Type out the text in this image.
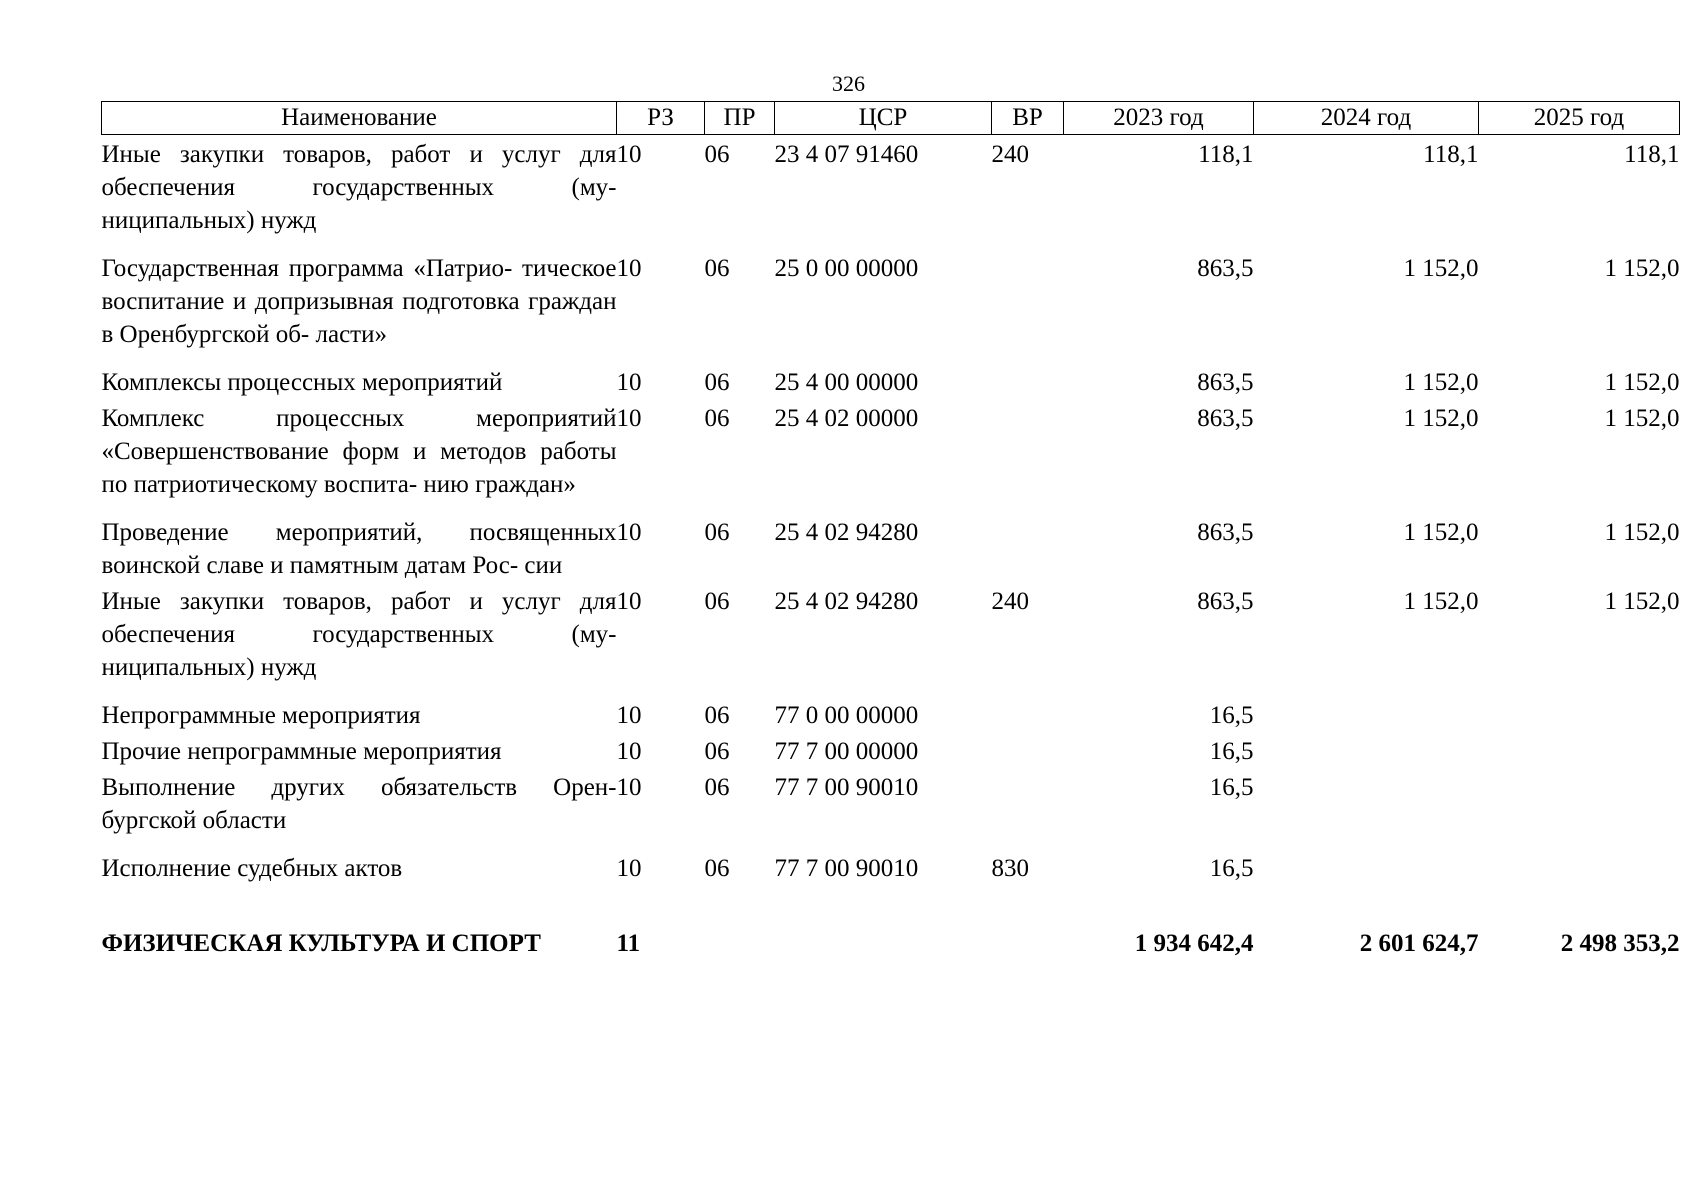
326
Наименование	РЗ	ПР	ЦСР	ВР	2023 год	2024 год	2025 год
Иные закупки товаров, работ и услуг для обеспечения государственных (му- ниципальных) нужд	10	06	23 4 07 91460	240	118,1	118,1	118,1
Государственная программа «Патрио- тическое воспитание и допризывная подготовка граждан в Оренбургской об- ласти»	10	06	25 0 00 00000		863,5	1 152,0	1 152,0
Комплексы процессных мероприятий	10	06	25 4 00 00000		863,5	1 152,0	1 152,0
Комплекс процессных мероприятий «Совершенствование форм и методов работы по патриотическому воспита- нию граждан»	10	06	25 4 02 00000		863,5	1 152,0	1 152,0
Проведение мероприятий, посвященных воинской славе и памятным датам Рос- сии	10	06	25 4 02 94280		863,5	1 152,0	1 152,0
Иные закупки товаров, работ и услуг для обеспечения государственных (му- ниципальных) нужд	10	06	25 4 02 94280	240	863,5	1 152,0	1 152,0
Непрограммные мероприятия	10	06	77 0 00 00000		16,5		
Прочие непрограммные мероприятия	10	06	77 7 00 00000		16,5		
Выполнение других обязательств Орен- бургской области	10	06	77 7 00 90010		16,5		
Исполнение судебных актов	10	06	77 7 00 90010	830	16,5		
ФИЗИЧЕСКАЯ КУЛЬТУРА И СПОРТ	11				1 934 642,4	2 601 624,7	2 498 353,2
